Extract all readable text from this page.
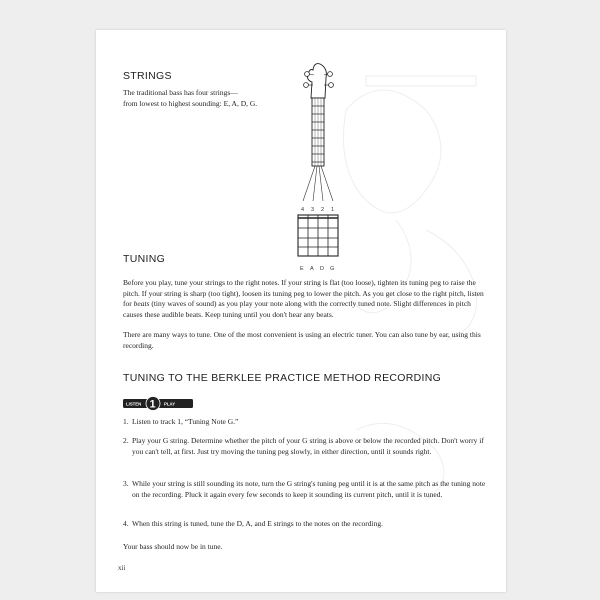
STRINGS

The traditional bass has four strings—
from lowest to highest sounding: E, A, D, G.

4 3 2 1
E A D G
TUNING

Before you play, tune your strings to the right notes. If your string is flat (too loose), tighten its tuning peg to raise the pitch. If your string is sharp (too tight), loosen its tuning peg to lower the pitch. As you get close to the right pitch, listen for beats (tiny waves of sound) as you play your note along with the correctly tuned note. Slight differences in pitch causes these audible beats. Keep tuning until you don't hear any beats.

There are many ways to tune. One of the most convenient is using an electric tuner. You can also tune by ear, using this recording.

TUNING TO THE BERKLEE PRACTICE METHOD RECORDING
LISTEN 1 PLAY
1. Listen to track 1, “Tuning Note G.”
2. Play your G string. Determine whether the pitch of your G string is above or below the recorded pitch. Don't worry if you can't tell, at first. Just try moving the tuning peg slowly, in either direction, until it sounds right.
3. While your string is still sounding its note, turn the G string's tuning peg until it is at the same pitch as the tuning note on the recording. Pluck it again every few seconds to keep it sounding its current pitch, until it is tuned.
4. When this string is tuned, tune the D, A, and E strings to the notes on the recording.

Your bass should now be in tune.

xii
